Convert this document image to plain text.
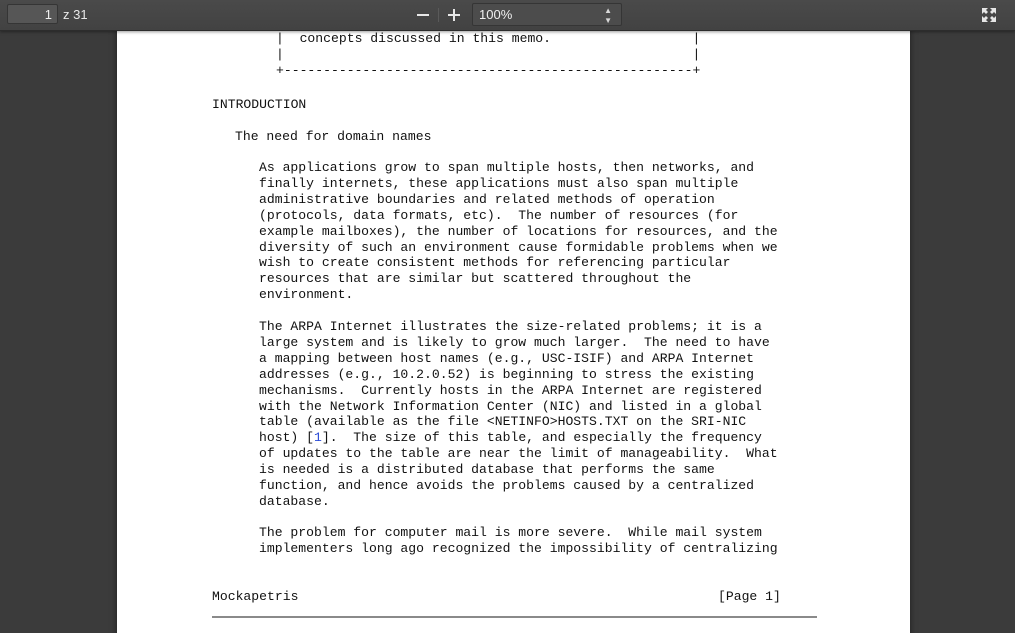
1 z 31	100%	▲
▼

|  concepts discussed in this memo.                  |
|                                                    |
+----------------------------------------------------+
INTRODUCTION
The need for domain names
As applications grow to span multiple hosts, then networks, and
finally internets, these applications must also span multiple
administrative boundaries and related methods of operation
(protocols, data formats, etc).  The number of resources (for
example mailboxes), the number of locations for resources, and the
diversity of such an environment cause formidable problems when we
wish to create consistent methods for referencing particular
resources that are similar but scattered throughout the
environment.
The ARPA Internet illustrates the size-related problems; it is a
large system and is likely to grow much larger.  The need to have
a mapping between host names (e.g., USC-ISIF) and ARPA Internet
addresses (e.g., 10.2.0.52) is beginning to stress the existing
mechanisms.  Currently hosts in the ARPA Internet are registered
with the Network Information Center (NIC) and listed in a global
table (available as the file <NETINFO>HOSTS.TXT on the SRI-NIC
host) [1].  The size of this table, and especially the frequency
of updates to the table are near the limit of manageability.  What
is needed is a distributed database that performs the same
function, and hence avoids the problems caused by a centralized
database.
The problem for computer mail is more severe.  While mail system
implementers long ago recognized the impossibility of centralizing
Mockapetris	[Page 1]
